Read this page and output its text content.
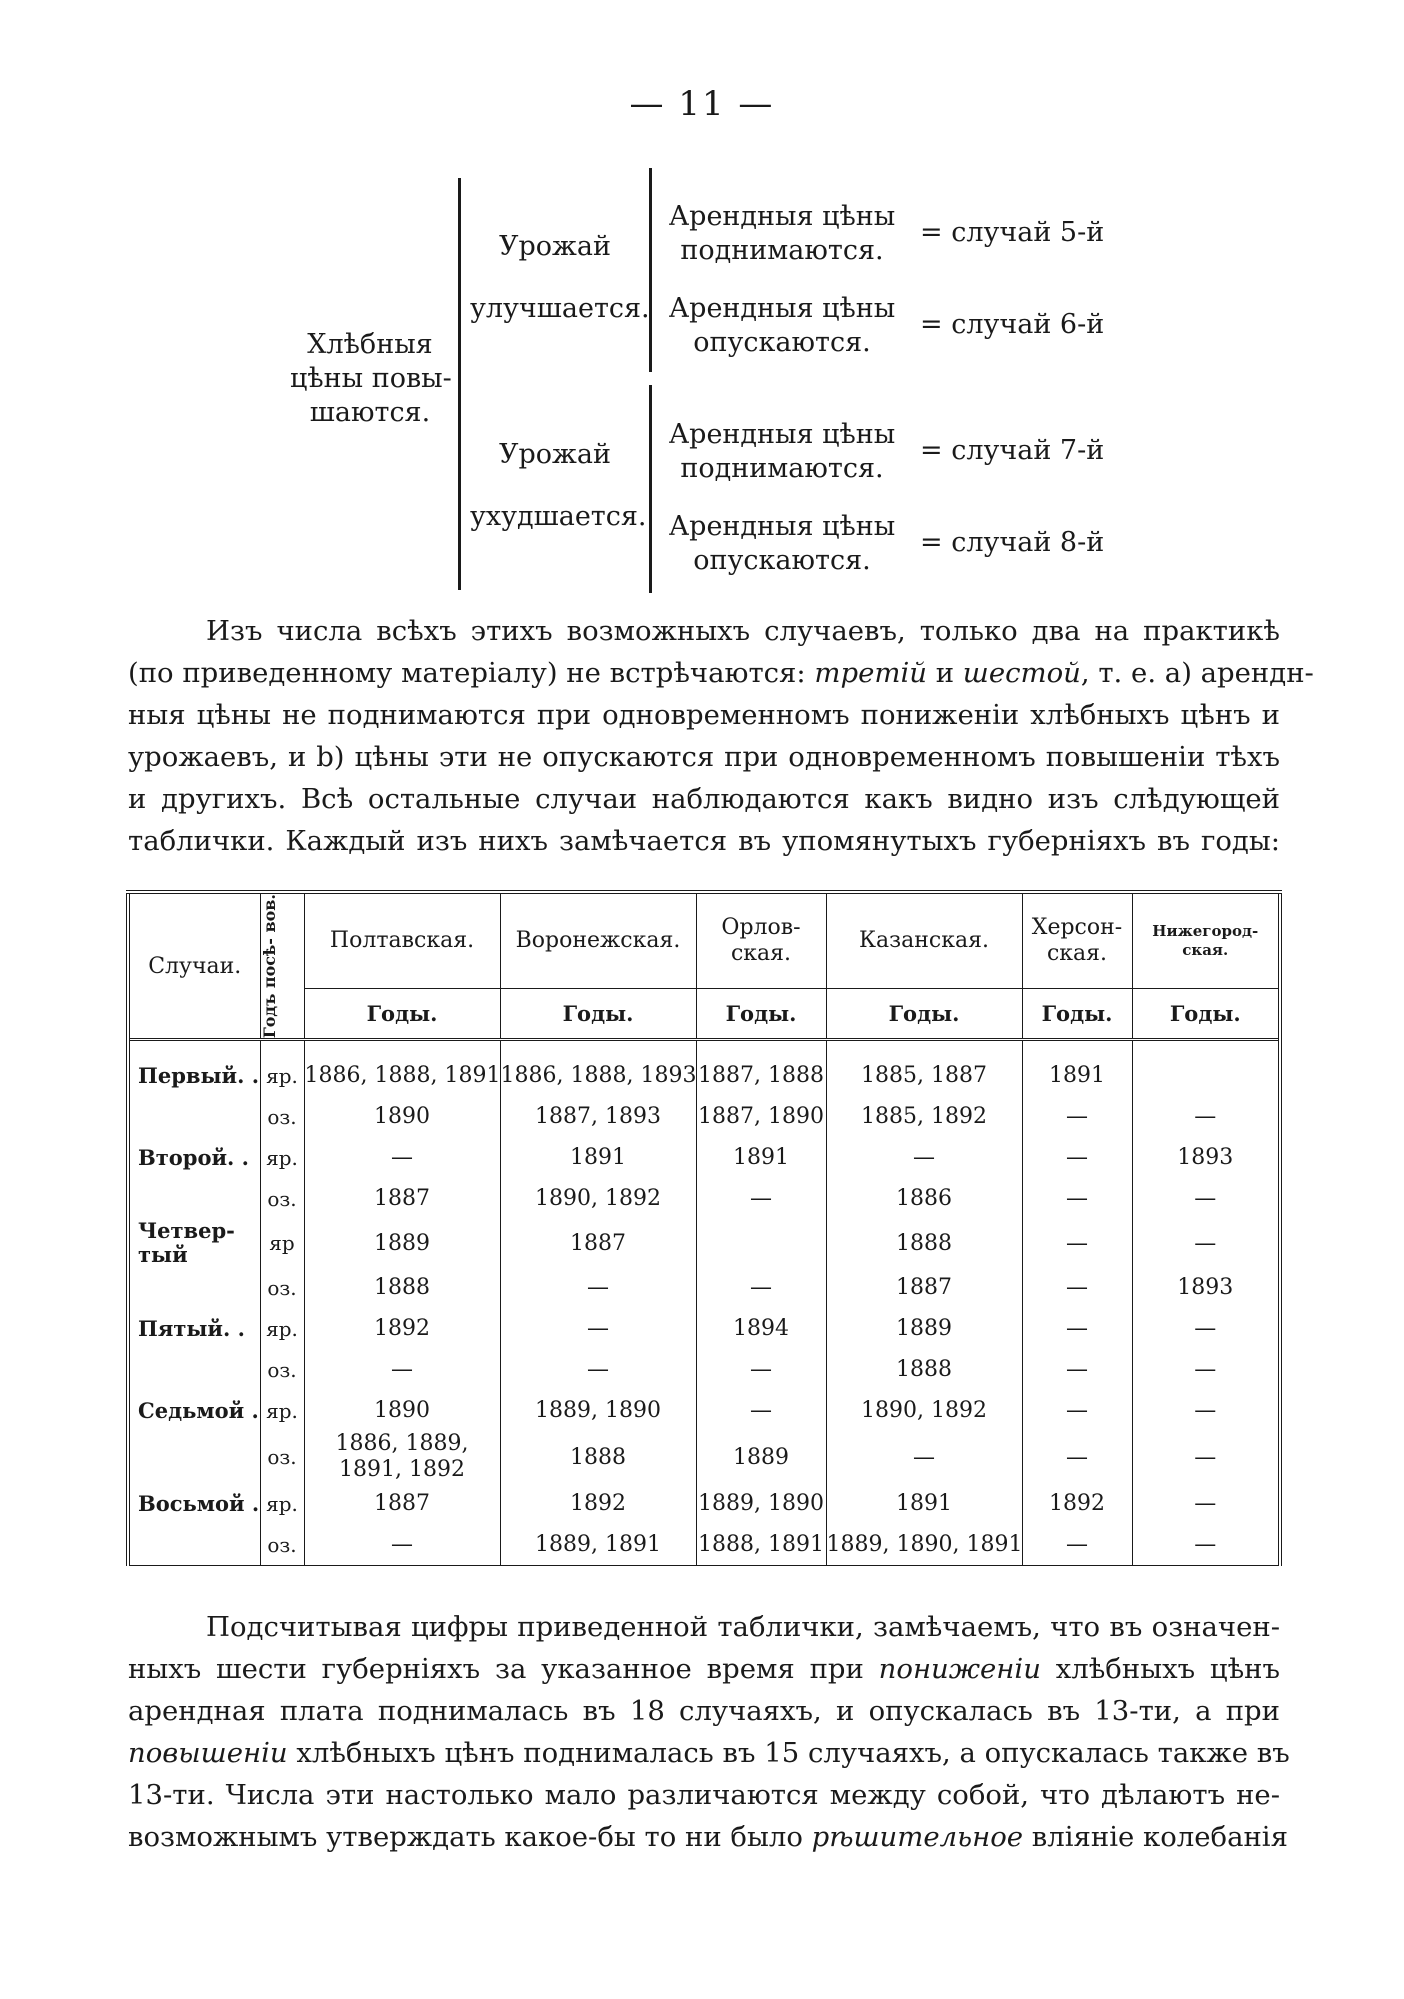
— 11 —
Хлѣбныя
цѣны повы-
шаются.
Урожай
улучшается.
Арендныя цѣны
поднимаются.
= случай 5-й
Арендныя цѣны
опускаются.
= случай 6-й
Урожай
ухудшается.
Арендныя цѣны
поднимаются.
= случай 7-й
Арендныя цѣны
опускаются.
= случай 8-й
Изъ числа всѣхъ этихъ возможныхъ случаевъ, только два на практикѣ
(по приведенному матеріалу) не встрѣчаются: третій и шестой, т. е. а) арендн-
ныя цѣны не поднимаются при одновременномъ пониженіи хлѣбныхъ цѣнъ и
урожаевъ, и b) цѣны эти не опускаются при одновременномъ повышеніи тѣхъ
и другихъ. Всѣ остальные случаи наблюдаются какъ видно изъ слѣдующей
таблички. Каждый изъ нихъ замѣчается въ упомянутыхъ губерніяхъ въ годы:
Случаи.	Годъ посѣ- вов.	Полтавская.	Воронежская.	Орлов- ская.	Казанская.	Херсон- ская.	Нижегород- ская.

		Годы.	Годы.	Годы.	Годы.	Годы.	Годы.
Первый. .	яр.	1886, 1888, 1891	1886, 1888, 1893	1887, 1888	1885, 1887	1891	
	оз.	1890	1887, 1893	1887, 1890	1885, 1892	—	—
Второй. .	яр.	—	1891	1891	—	—	1893
	оз.	1887	1890, 1892	—	1886	—	—
Четвер- тый	яр	1889	1887		1888	—	—
	оз.	1888	—	—	1887	—	1893
Пятый. .	яр.	1892	—	1894	1889	—	—
	оз.	—	—	—	1888	—	—
Седьмой .	яр.	1890	1889, 1890	—	1890, 1892	—	—
	оз.	1886, 1889, 1891, 1892	1888	1889	—	—	—
Восьмой .	яр.	1887	1892	1889, 1890	1891	1892	—
	оз.	—	1889, 1891	1888, 1891	1889, 1890, 1891	—	—
Подсчитывая цифры приведенной таблички, замѣчаемъ, что въ означен-
ныхъ шести губерніяхъ за указанное время при пониженіи хлѣбныхъ цѣнъ
арендная плата поднималась въ 18 случаяхъ, и опускалась въ 13-ти, а при
повышеніи хлѣбныхъ цѣнъ поднималась въ 15 случаяхъ, а опускалась также въ
13-ти. Числа эти настолько мало различаются между собой, что дѣлаютъ не-
возможнымъ утверждать какое-бы то ни было рѣшительное вліяніе колебанія
